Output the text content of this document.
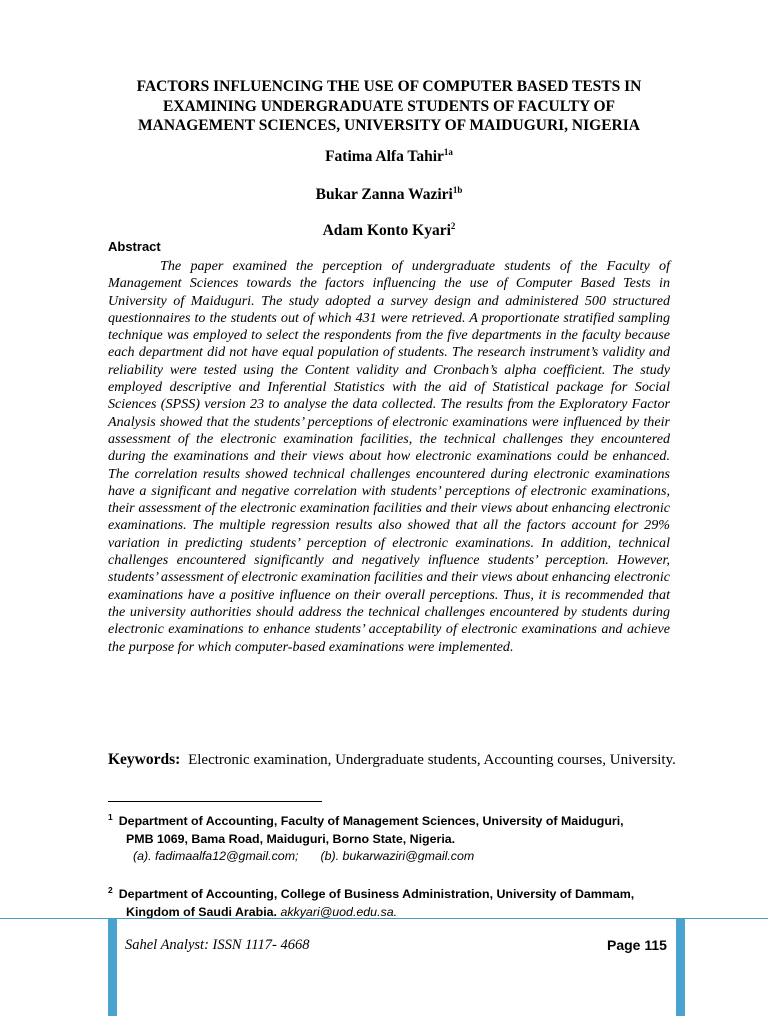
FACTORS INFLUENCING THE USE OF COMPUTER BASED TESTS IN
EXAMINING UNDERGRADUATE STUDENTS OF FACULTY OF
MANAGEMENT SCIENCES, UNIVERSITY OF MAIDUGURI, NIGERIA
Fatima Alfa Tahir$^{1a}$
Bukar Zanna Waziri$^{1b}$
Adam Konto Kyari$^2$
Abstract

The paper examined the perception of undergraduate students of the Faculty of Management Sciences towards the factors influencing the use of Computer Based Tests in University of Maiduguri. The study adopted a survey design and administered 500 structured questionnaires to the students out of which 431 were retrieved. A proportionate stratified sampling technique was employed to select the respondents from the five departments in the faculty because each department did not have equal population of students. The research instrument’s validity and reliability were tested using the Content validity and Cronbach’s alpha coefficient. The study employed descriptive and Inferential Statistics with the aid of Statistical package for Social Sciences (SPSS) version 23 to analyse the data collected. The results from the Exploratory Factor Analysis showed that the students’ perceptions of electronic examinations were influenced by their assessment of the electronic examination facilities, the technical challenges they encountered during the examinations and their views about how electronic examinations could be enhanced. The correlation results showed technical challenges encountered during electronic examinations have a significant and negative correlation with students’ perceptions of electronic examinations, their assessment of the electronic examination facilities and their views about enhancing electronic examinations. The multiple regression results also showed that all the factors account for 29% variation in predicting students’ perception of electronic examinations. In addition, technical challenges encountered significantly and negatively influence students’ perception. However, students’ assessment of electronic examination facilities and their views about enhancing electronic examinations have a positive influence on their overall perceptions. Thus, it is recommended that the university authorities should address the technical challenges encountered by students during electronic examinations to enhance students’ acceptability of electronic examinations and achieve the purpose for which computer-based examinations were implemented.

Keywords: Electronic examination, Undergraduate students, Accounting courses, University.
$^1$ Department of Accounting, Faculty of Management Sciences, University of Maiduguri,
PMB 1069, Bama Road, Maiduguri, Borno State, Nigeria.
(a). fadimaalfa12@gmail.com; (b). bukarwaziri@gmail.com
$^2$ Department of Accounting, College of Business Administration, University of Dammam,
Kingdom of Saudi Arabia. akkyari@uod.edu.sa.
Sahel Analyst: ISSN 1117- 4668	Page 115
